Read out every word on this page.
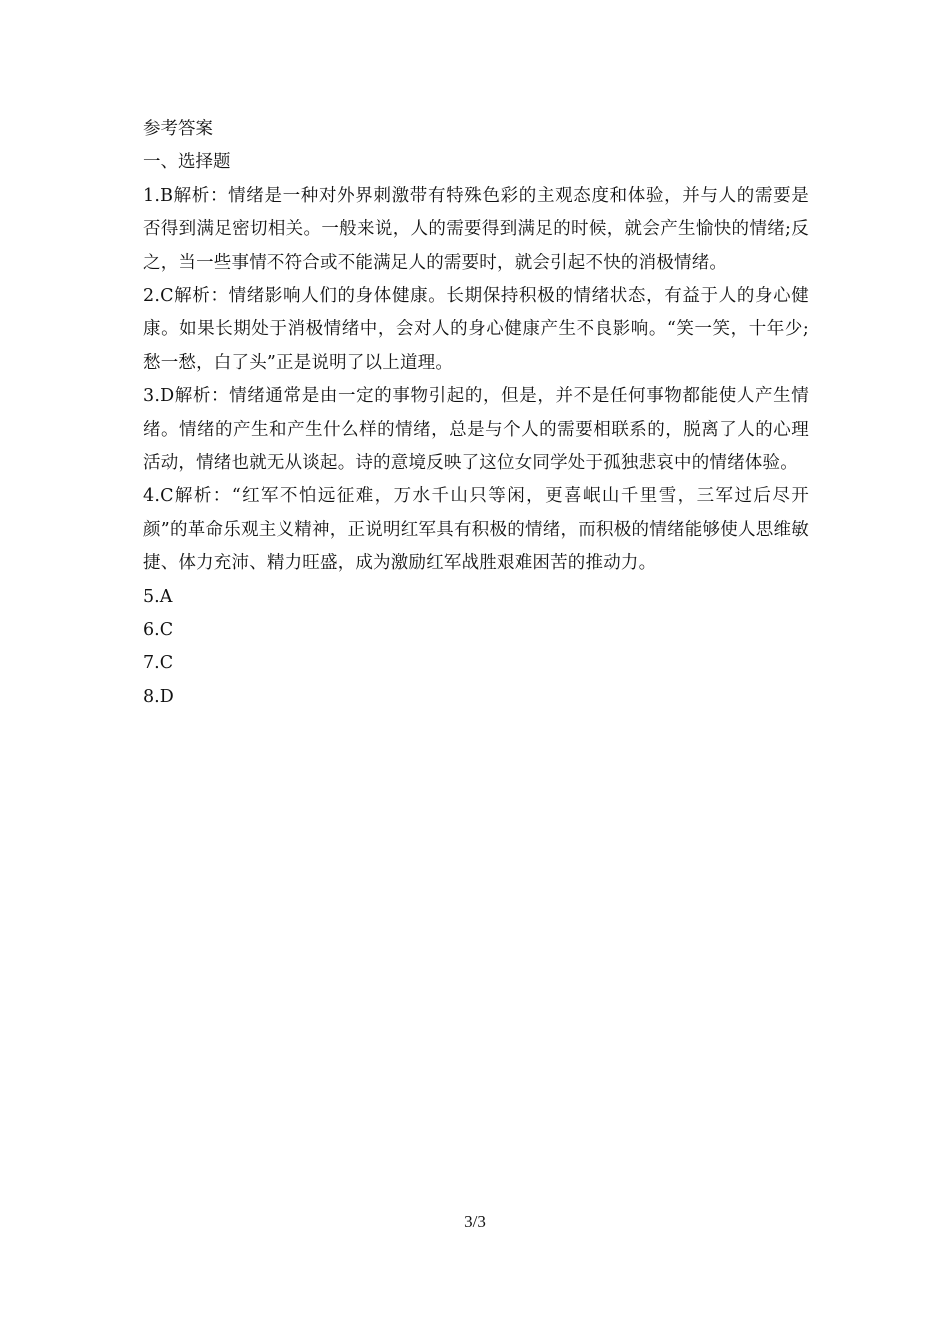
参考答案

一、选择题

1.B解析：情绪是一种对外界刺激带有特殊色彩的主观态度和体验，并与人的需要是否得到满足密切相关。一般来说，人的需要得到满足的时候，就会产生愉快的情绪;反之，当一些事情不符合或不能满足人的需要时，就会引起不快的消极情绪。

2.C解析：情绪影响人们的身体健康。长期保持积极的情绪状态，有益于人的身心健康。如果长期处于消极情绪中，会对人的身心健康产生不良影响。“笑一笑，十年少;愁一愁，白了头”正是说明了以上道理。

3.D解析：情绪通常是由一定的事物引起的，但是，并不是任何事物都能使人产生情绪。情绪的产生和产生什么样的情绪，总是与个人的需要相联系的，脱离了人的心理活动，情绪也就无从谈起。诗的意境反映了这位女同学处于孤独悲哀中的情绪体验。

4.C解析：“红军不怕远征难，万水千山只等闲，更喜岷山千里雪，三军过后尽开颜”的革命乐观主义精神，正说明红军具有积极的情绪，而积极的情绪能够使人思维敏捷、体力充沛、精力旺盛，成为激励红军战胜艰难困苦的推动力。

5.A

6.C

7.C

8.D

3/3
